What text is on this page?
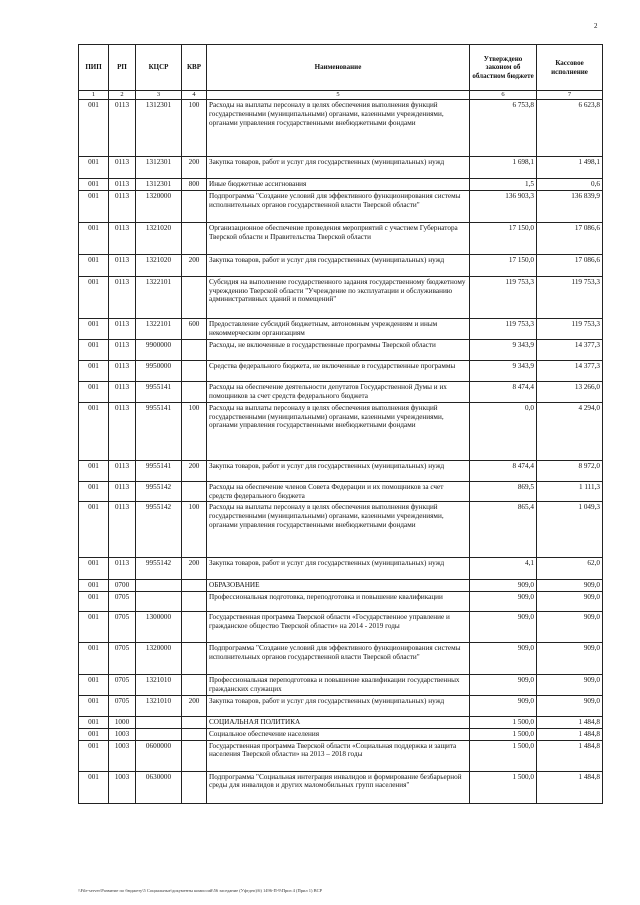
2
ПИП	РП	КЦСР	КВР	Наименование	Утверждено законом об областном бюджете	Кассовое исполнение
1	2	3	4	5	6	7
001	0113	1312301	100	Расходы на выплаты персоналу в целях обеспечения выполнения функций государственными (муниципальными) органами, казенными учреждениями, органами управления государственными внебюджетными фондами	6 753,8	6 623,8
001	0113	1312301	200	Закупка товаров, работ и услуг для государственных (муниципальных) нужд	1 698,1	1 498,1
001	0113	1312301	800	Иные бюджетные ассигнования	1,5	0,6
001	0113	1320000		Подпрограмма "Создание условий для эффективного функционирования системы исполнительных органов государственной власти Тверской области"	136 903,3	136 839,9
001	0113	1321020		Организационное обеспечение проведения мероприятий с участием Губернатора Тверской области и Правительства Тверской области	17 150,0	17 086,6
001	0113	1321020	200	Закупка товаров, работ и услуг для государственных (муниципальных) нужд	17 150,0	17 086,6
001	0113	1322101		Субсидия на выполнение государственного задания государственному бюджетному учреждению Тверской области "Учреждение по эксплуатации и обслуживанию административных зданий и помещений"	119 753,3	119 753,3
001	0113	1322101	600	Предоставление субсидий бюджетным, автономным учреждениям и иным некоммерческим организациям	119 753,3	119 753,3
001	0113	9900000		Расходы, не включенные в государственные программы Тверской области	9 343,9	14 377,3
001	0113	9950000		Средства федерального бюджета, не включенные в государственные программы	9 343,9	14 377,3
001	0113	9955141		Расходы на обеспечение деятельности депутатов Государственной Думы и их помощников за счет средств федерального бюджета	8 474,4	13 266,0
001	0113	9955141	100	Расходы на выплаты персоналу в целях обеспечения выполнения функций государственными (муниципальными) органами, казенными учреждениями, органами управления государственными внебюджетными фондами	0,0	4 294,0
001	0113	9955141	200	Закупка товаров, работ и услуг для государственных (муниципальных) нужд	8 474,4	8 972,0
001	0113	9955142		Расходы на обеспечение членов Совета Федерации и их помощников за счет средств федерального бюджета	869,5	1 111,3
001	0113	9955142	100	Расходы на выплаты персоналу в целях обеспечения выполнения функций государственными (муниципальными) органами, казенными учреждениями, органами управления государственными внебюджетными фондами	865,4	1 049,3
001	0113	9955142	200	Закупка товаров, работ и услуг для государственных (муниципальных) нужд	4,1	62,0
001	0700			ОБРАЗОВАНИЕ	909,0	909,0
001	0705			Профессиональная подготовка, переподготовка и повышение квалификации	909,0	909,0
001	0705	1300000		Государственная программа Тверской области «Государственное управление и гражданское общество Тверской области» на 2014 - 2019 годы	909,0	909,0
001	0705	1320000		Подпрограмма "Создание условий для эффективного функционирования системы исполнительных органов государственной власти Тверской области"	909,0	909,0
001	0705	1321010		Профессиональная переподготовка и повышение квалификации государственных гражданских служащих	909,0	909,0
001	0705	1321010	200	Закупка товаров, работ и услуг для государственных (муниципальных) нужд	909,0	909,0
001	1000			СОЦИАЛЬНАЯ ПОЛИТИКА	1 500,0	1 484,8
001	1003			Социальное обеспечение населения	1 500,0	1 484,8
001	1003	0600000		Государственная программа Тверской области «Социальная поддержка и защита населения Тверской области» на 2013 – 2018 годы	1 500,0	1 484,8
001	1003	0630000		Подпрограмма "Социальная интеграция инвалидов и формирование безбарьерной среды для инвалидов и других маломобильных групп населения"	1 500,0	1 484,8
\\File-server\Развитие по бюджету\5 Социальные\документы комиссий\56 заседание (Уфтдеп)\6) 1496-П-9\Приз 4 (Прил 1) ВСР
